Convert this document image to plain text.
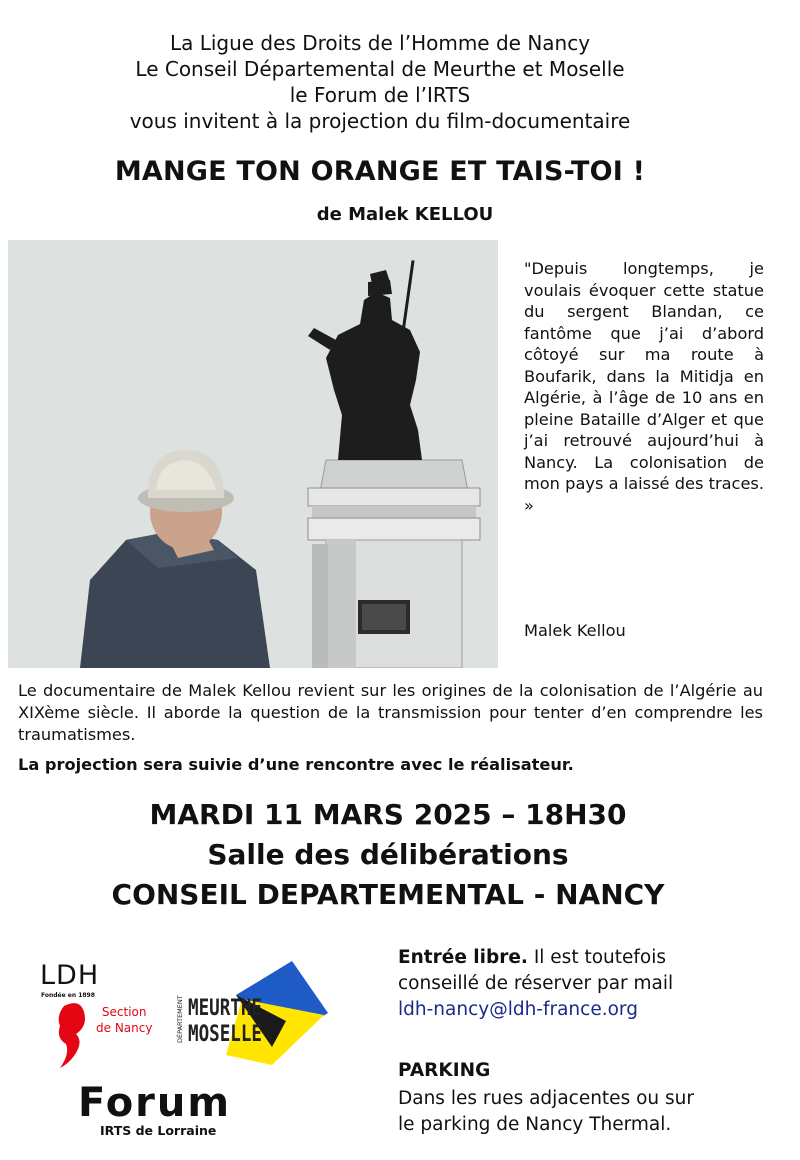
La Ligue des Droits de l’Homme de Nancy
Le Conseil Départemental de Meurthe et Moselle
le Forum de l’IRTS
vous invitent à la projection du film-documentaire
MANGE TON ORANGE ET TAIS-TOI !
de Malek KELLOU
"Depuis longtemps, je voulais évoquer cette statue du sergent Blandan, ce fantôme que j’ai d’abord côtoyé sur ma route à Boufarik, dans la Mitidja en Algérie, à l’âge de 10 ans en pleine Bataille d’Alger et que j’ai retrouvé aujourd’hui à Nancy. La colonisation de mon pays a laissé des traces. »
Malek Kellou
Le documentaire de Malek Kellou revient sur les origines de la colonisation de l’Algérie au XIXème siècle. Il aborde la question de la transmission pour tenter d’en comprendre les traumatismes.
La projection sera suivie d’une rencontre avec le réalisateur.
MARDI 11 MARS 2025 – 18H30
Salle des délibérations
CONSEIL DEPARTEMENTAL - NANCY
LDH
Fondée en 1898
Section
de Nancy	DÉPARTEMENT MEURTHE
MOSELLE
Forum
IRTS de Lorraine
Entrée libre. Il est toutefois
conseillé de réserver par mail
ldh-nancy@ldh-france.org
PARKING
Dans les rues adjacentes ou sur
le parking de Nancy Thermal.
